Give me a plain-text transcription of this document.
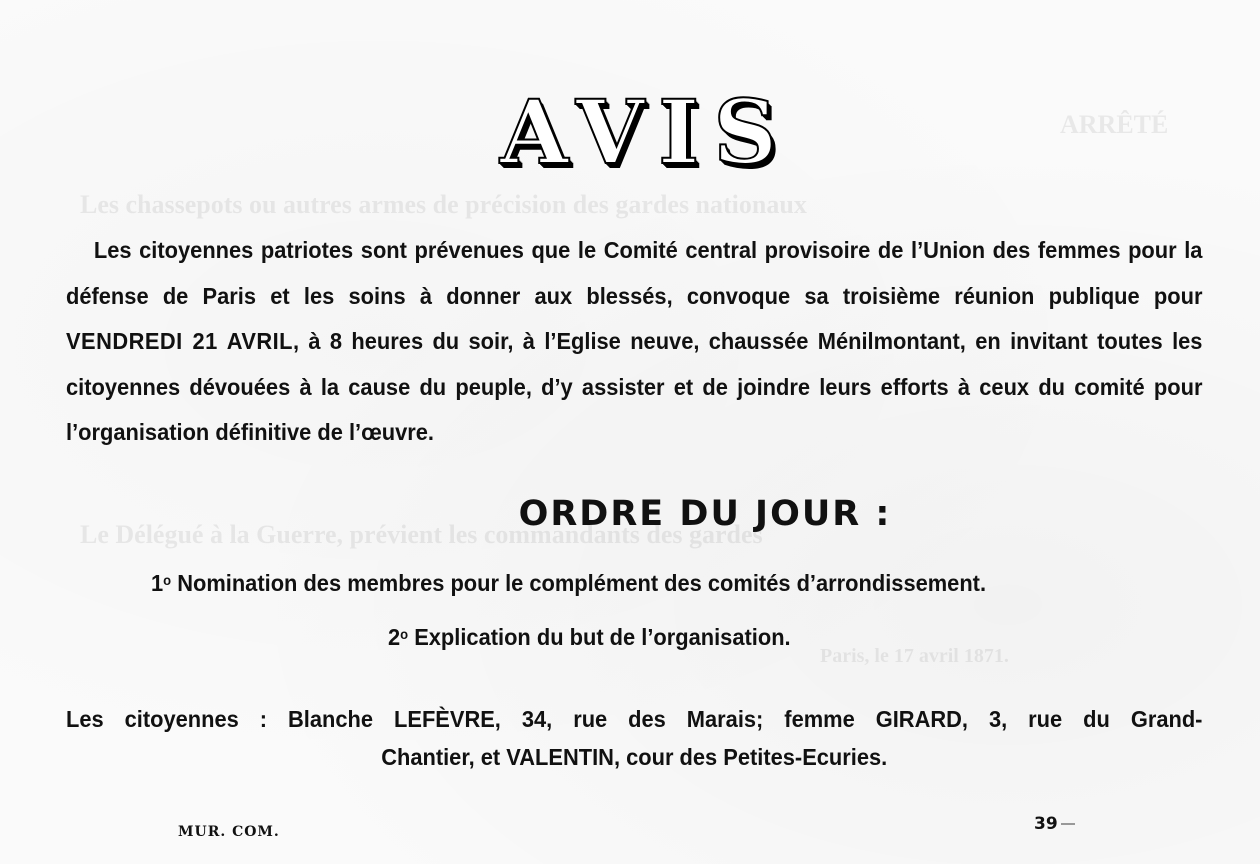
ARRÊTÉ
Les chassepots ou autres armes de précision des gardes nationaux
Le Délégué à la Guerre, prévient les commandants des gardes
Paris, le 17 avril 1871.
AVIS

Les citoyennes patriotes sont prévenues que le Comité central provisoire de l’Union des femmes pour la défense de Paris et les soins à donner aux blessés, convoque sa troisième réunion publique pour VENDREDI 21 AVRIL, à 8 heures du soir, à l’Eglise neuve, chaussée Ménilmontant, en invitant toutes les citoyennes dévouées à la cause du peuple, d’y assister et de joindre leurs efforts à ceux du comité pour l’organisation définitive de l’œuvre.

ORDRE DU JOUR :
1$^o$ Nomination des membres pour le complément des comités d’arrondissement.
2$^o$ Explication du but de l’organisation.
Les citoyennes : Blanche LEFÈVRE, 34, rue des Marais; femme GIRARD, 3, rue du Grand-
Chantier, et VALENTIN, cour des Petites-Ecuries.
MUR. COM.	39
